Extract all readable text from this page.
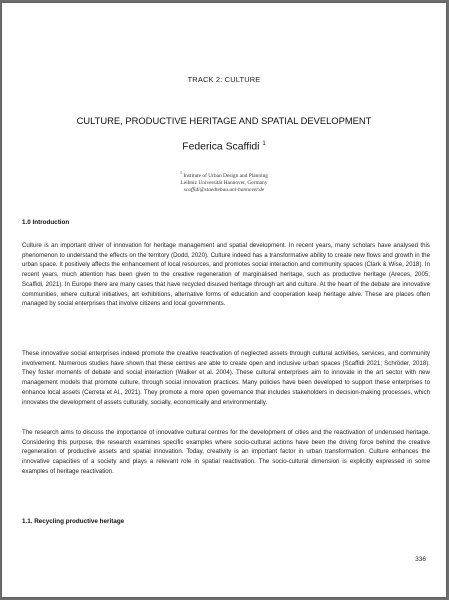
TRACK 2: CULTURE
CULTURE, PRODUCTIVE HERITAGE AND SPATIAL DEVELOPMENT
Federica Scaffidi $^1$
$^1$ Institute of Urban Design and Planning
Leibniz Universität Hannover, Germany
scaffidi@staedtebau.uni-hannover.de
1.0 Introduction
Culture is an important driver of innovation for heritage management and spatial development. In recent years, many scholars have analysed this phenomenon to understand the effects on the territory (Dodd, 2020). Culture indeed has a transformative ability to create new flows and growth in the urban space. It positively affects the enhancement of local resources, and promotes social interaction and community spaces (Clark & Wise, 2018). In recent years, much attention has been given to the creative regeneration of marginalised heritage, such as productive heritage (Areces, 2005; Scaffidi, 2021). In Europe there are many cases that have recycled disused heritage through art and culture. At the heart of the debate are innovative communities, where cultural initiatives, art exhibitions, alternative forms of education and cooperation keep heritage alive. These are places often managed by social enterprises that involve citizens and local governments.
These innovative social enterprises indeed promote the creative reactivation of neglected assets through cultural activities, services, and community involvement. Numerous studies have shown that these centres are able to create open and inclusive urban spaces (Scaffidi 2021; Schröder, 2018). They foster moments of debate and social interaction (Walker et al. 2004). These cultural enterprises aim to innovate in the art sector with new management models that promote culture, through social innovation practices. Many policies have been developed to support these enterprises to enhance local assets (Cerreta et Al., 2021). They promote a more open governance that includes stakeholders in decision-making processes, which innovates the development of assets culturally, socially, economically and environmentally.
The research aims to discuss the importance of innovative cultural centres for the development of cities and the reactivation of underused heritage. Considering this purpose, the research examines specific examples where socio-cultural actions have been the driving force behind the creative regeneration of productive assets and spatial innovation. Today, creativity is an important factor in urban transformation. Culture enhances the innovative capacities of a society and plays a relevant role in spatial reactivation. The socio-cultural dimension is explicitly expressed in some examples of heritage reactivation.
1.1. Recycling productive heritage
336
